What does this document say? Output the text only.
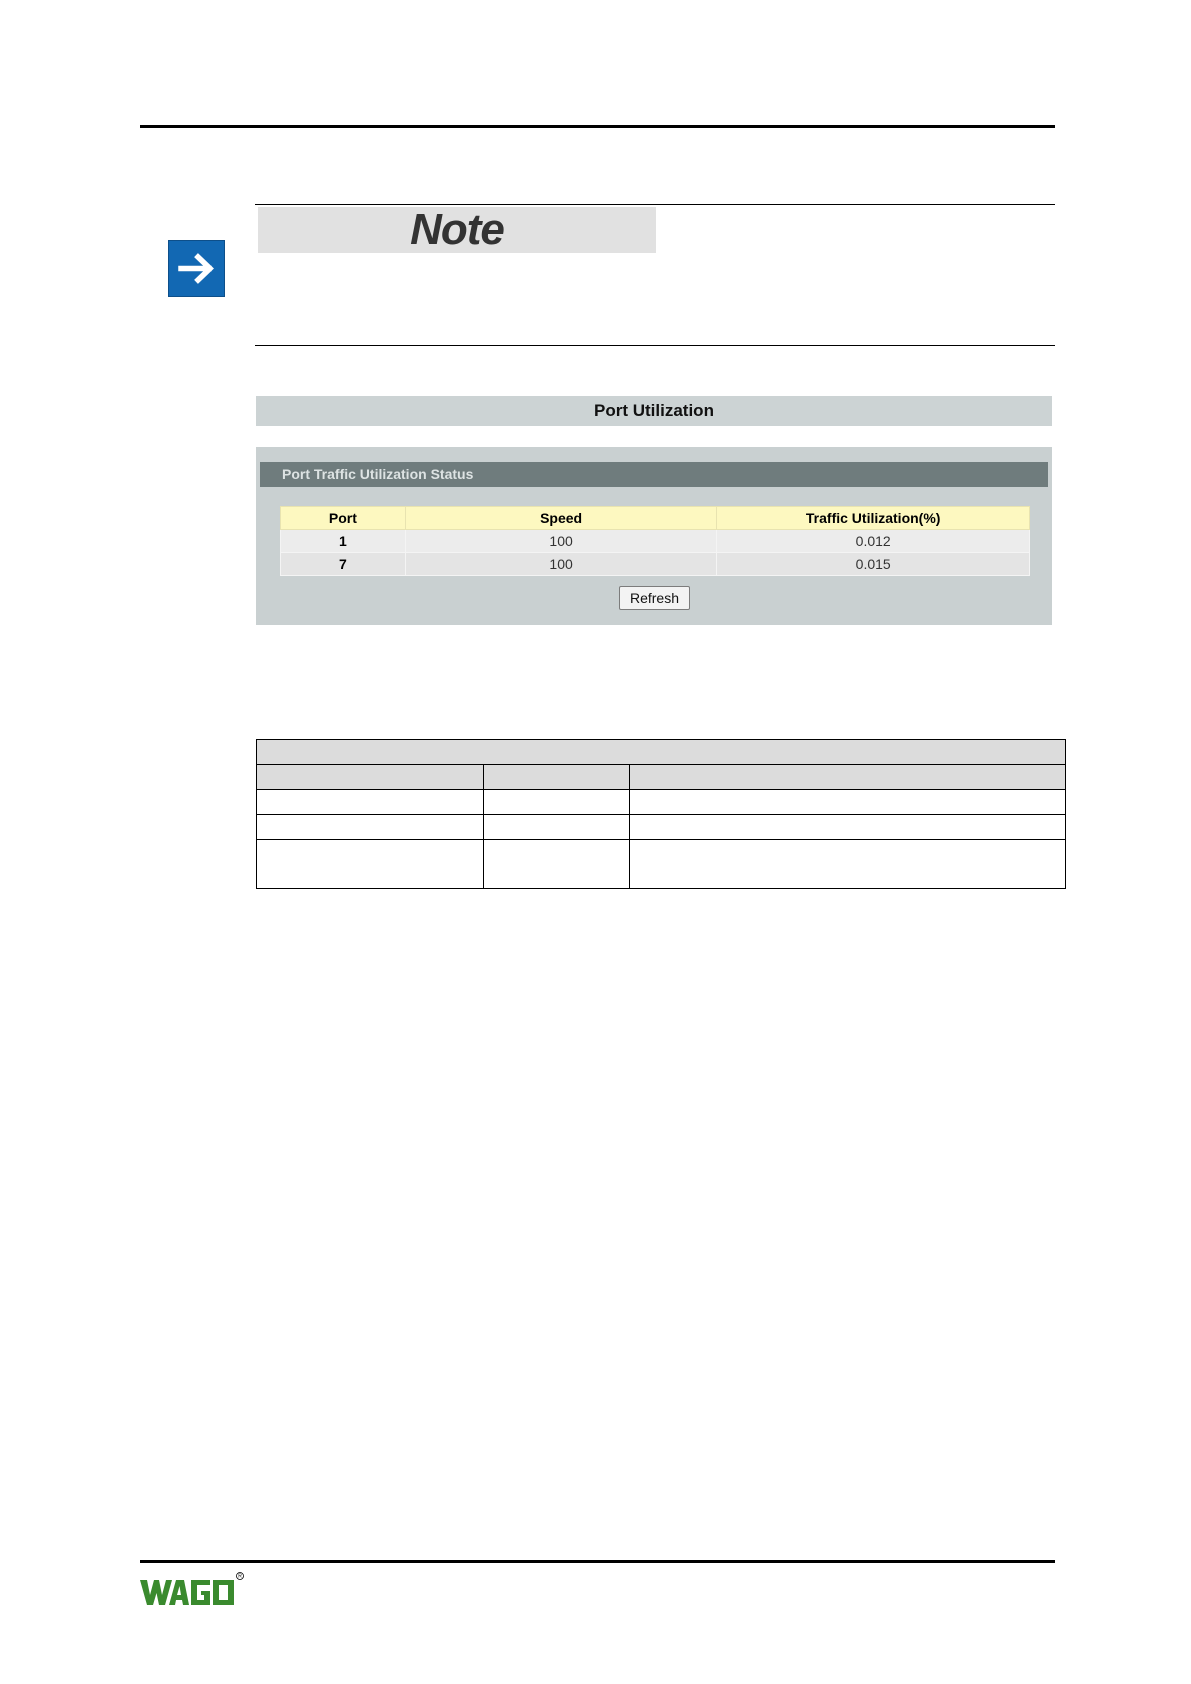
Note
Port Utilization
Port Traffic Utilization Status
Port	Speed	Traffic Utilization(%)
1	100	0.012
7	100	0.015
Refresh

R
